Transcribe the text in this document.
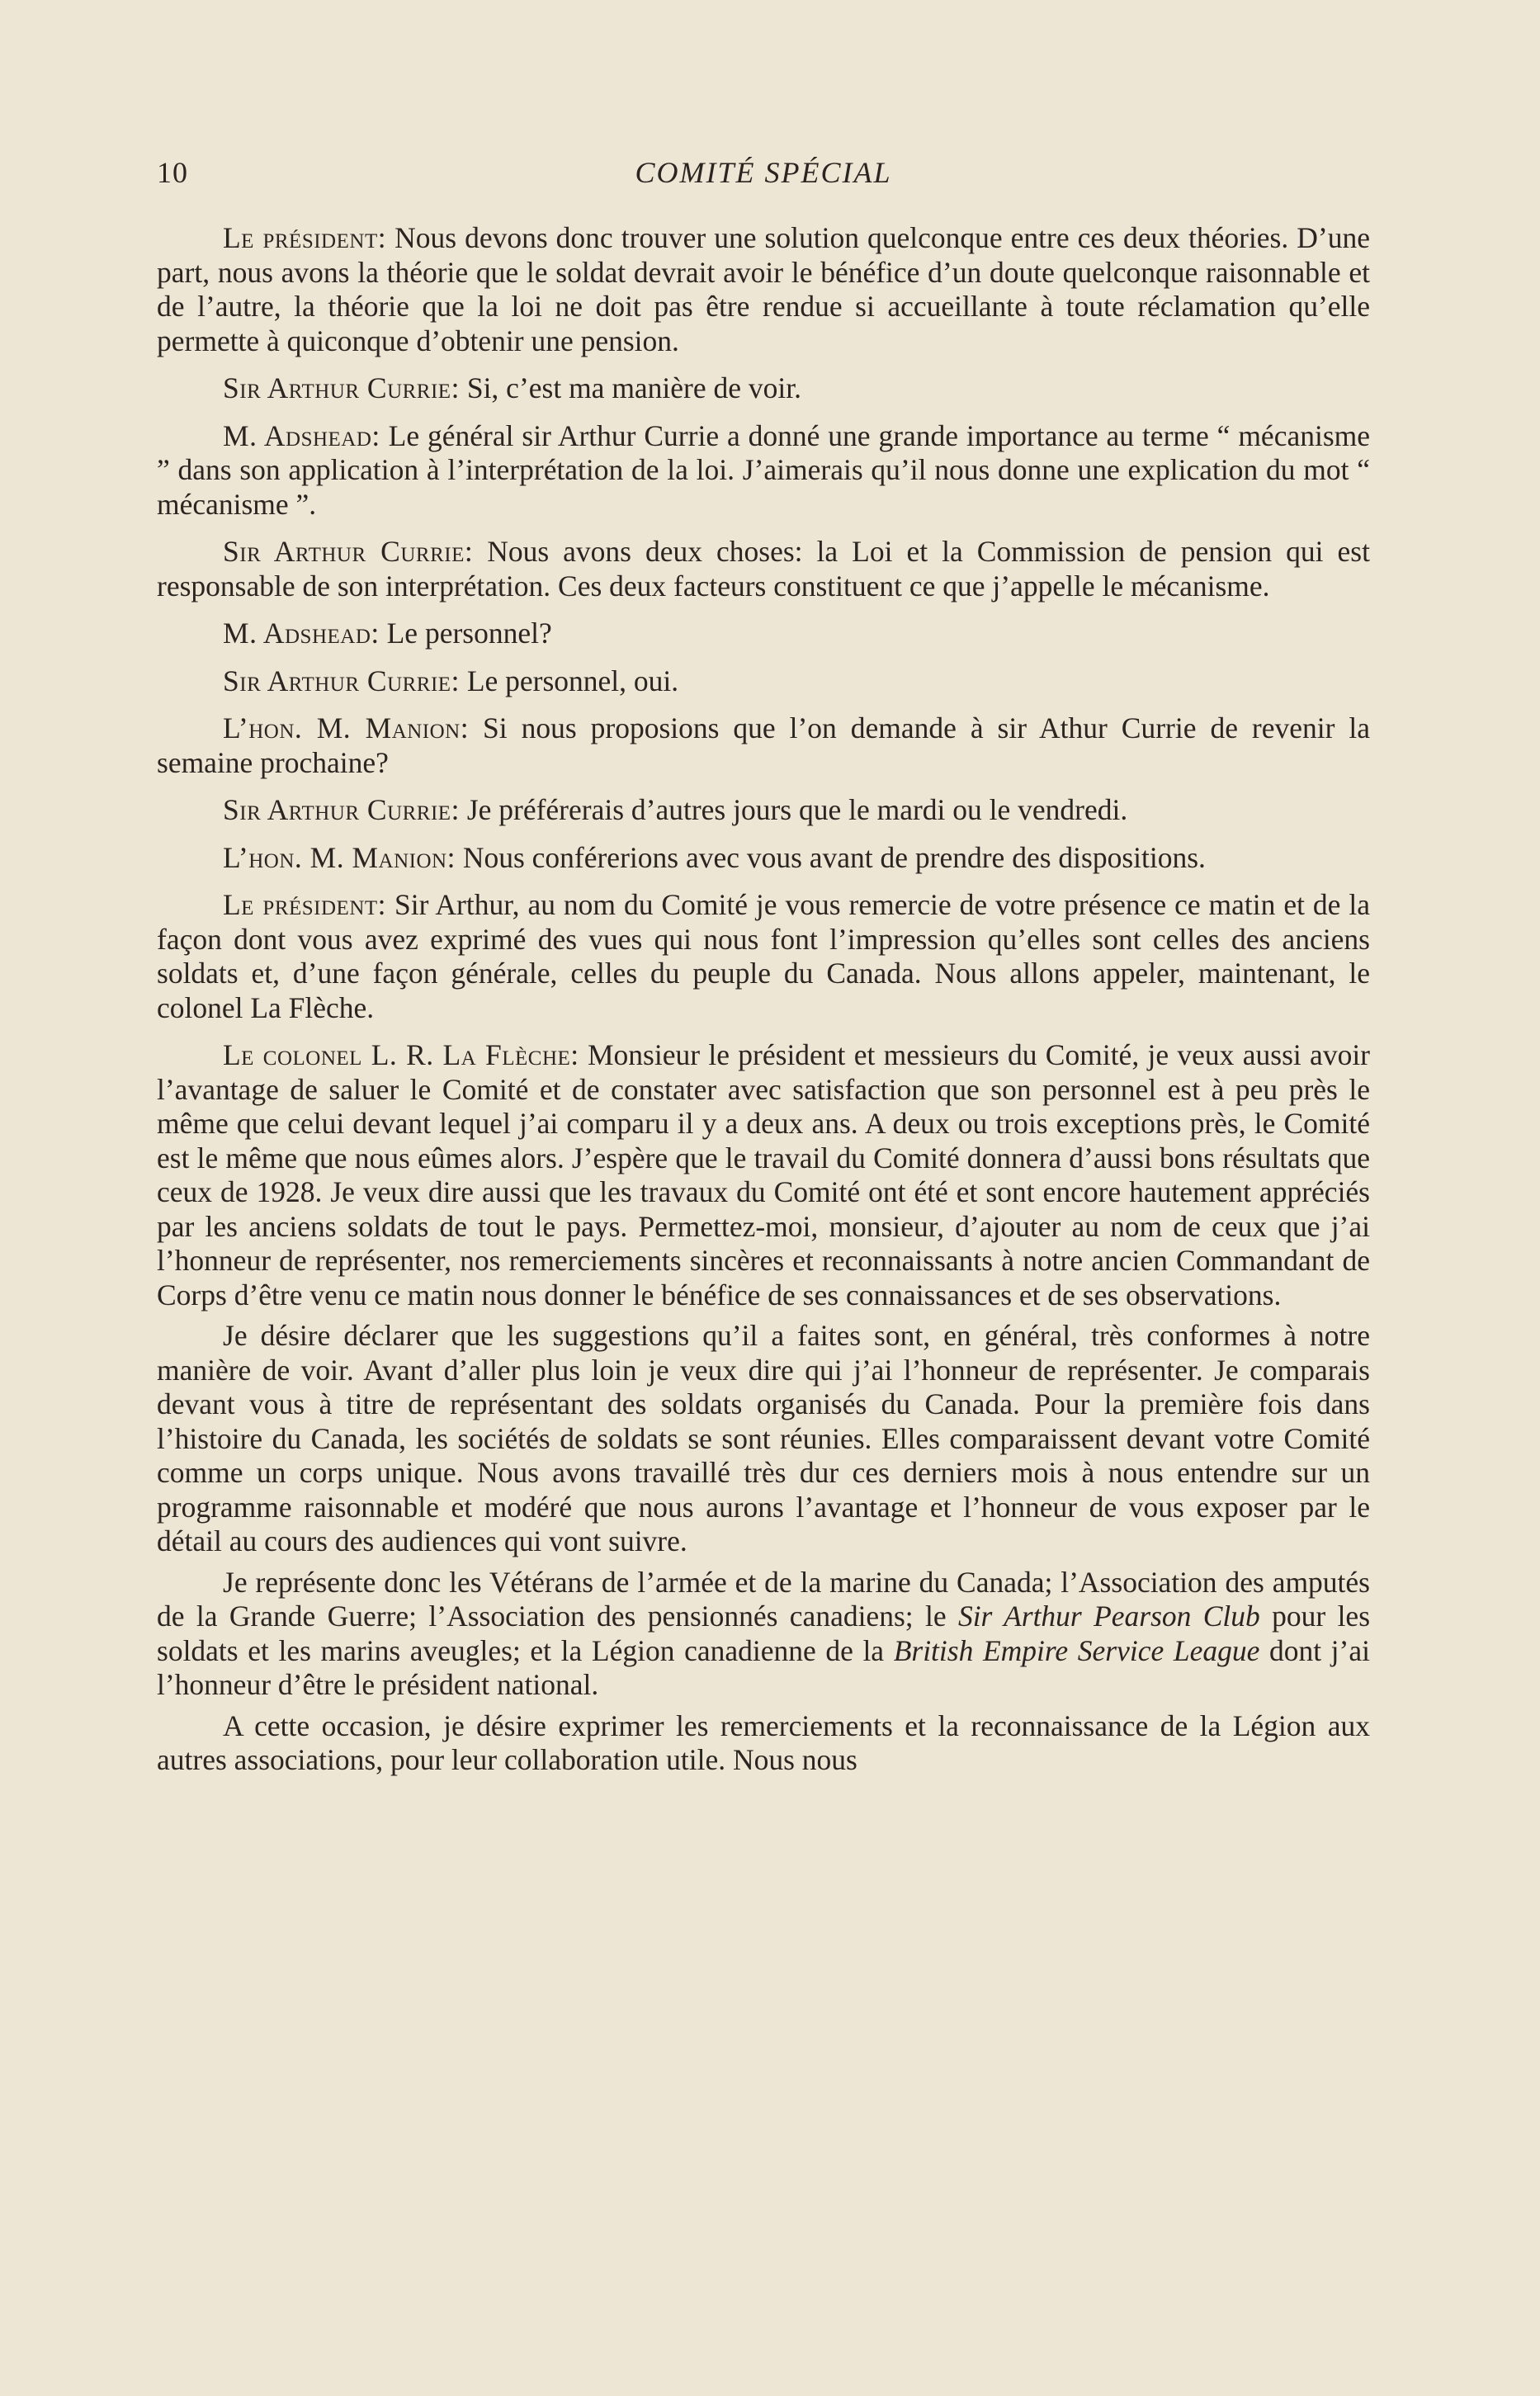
10	COMITÉ SPÉCIAL

Le président: Nous devons donc trouver une solution quelconque entre ces deux théories. D’une part, nous avons la théorie que le soldat devrait avoir le bénéfice d’un doute quelconque raisonnable et de l’autre, la théorie que la loi ne doit pas être rendue si accueillante à toute réclamation qu’elle permette à quiconque d’obtenir une pension.

Sir Arthur Currie: Si, c’est ma manière de voir.

M. Adshead: Le général sir Arthur Currie a donné une grande importance au terme “ mécanisme ” dans son application à l’interprétation de la loi. J’aimerais qu’il nous donne une explication du mot “ mécanisme ”.

Sir Arthur Currie: Nous avons deux choses: la Loi et la Commission de pension qui est responsable de son interprétation. Ces deux facteurs constituent ce que j’appelle le mécanisme.

M. Adshead: Le personnel?

Sir Arthur Currie: Le personnel, oui.

L’hon. M. Manion: Si nous proposions que l’on demande à sir Athur Currie de revenir la semaine prochaine?

Sir Arthur Currie: Je préférerais d’autres jours que le mardi ou le vendredi.

L’hon. M. Manion: Nous conférerions avec vous avant de prendre des dispositions.

Le président: Sir Arthur, au nom du Comité je vous remercie de votre présence ce matin et de la façon dont vous avez exprimé des vues qui nous font l’impression qu’elles sont celles des anciens soldats et, d’une façon générale, celles du peuple du Canada. Nous allons appeler, maintenant, le colonel La Flèche.

Le colonel L. R. La Flèche: Monsieur le président et messieurs du Comité, je veux aussi avoir l’avantage de saluer le Comité et de constater avec satisfaction que son personnel est à peu près le même que celui devant lequel j’ai comparu il y a deux ans. A deux ou trois exceptions près, le Comité est le même que nous eûmes alors. J’espère que le travail du Comité donnera d’aussi bons résultats que ceux de 1928. Je veux dire aussi que les travaux du Comité ont été et sont encore hautement appréciés par les anciens soldats de tout le pays. Permettez-moi, monsieur, d’ajouter au nom de ceux que j’ai l’honneur de représenter, nos remerciements sincères et reconnaissants à notre ancien Commandant de Corps d’être venu ce matin nous donner le bénéfice de ses connaissances et de ses observations.

Je désire déclarer que les suggestions qu’il a faites sont, en général, très conformes à notre manière de voir. Avant d’aller plus loin je veux dire qui j’ai l’honneur de représenter. Je comparais devant vous à titre de représentant des soldats organisés du Canada. Pour la première fois dans l’histoire du Canada, les sociétés de soldats se sont réunies. Elles comparaissent devant votre Comité comme un corps unique. Nous avons travaillé très dur ces derniers mois à nous entendre sur un programme raisonnable et modéré que nous aurons l’avantage et l’honneur de vous exposer par le détail au cours des audiences qui vont suivre.

Je représente donc les Vétérans de l’armée et de la marine du Canada; l’Association des amputés de la Grande Guerre; l’Association des pensionnés canadiens; le Sir Arthur Pearson Club pour les soldats et les marins aveugles; et la Légion canadienne de la British Empire Service League dont j’ai l’honneur d’être le président national.

A cette occasion, je désire exprimer les remerciements et la reconnaissance de la Légion aux autres associations, pour leur collaboration utile. Nous nous
